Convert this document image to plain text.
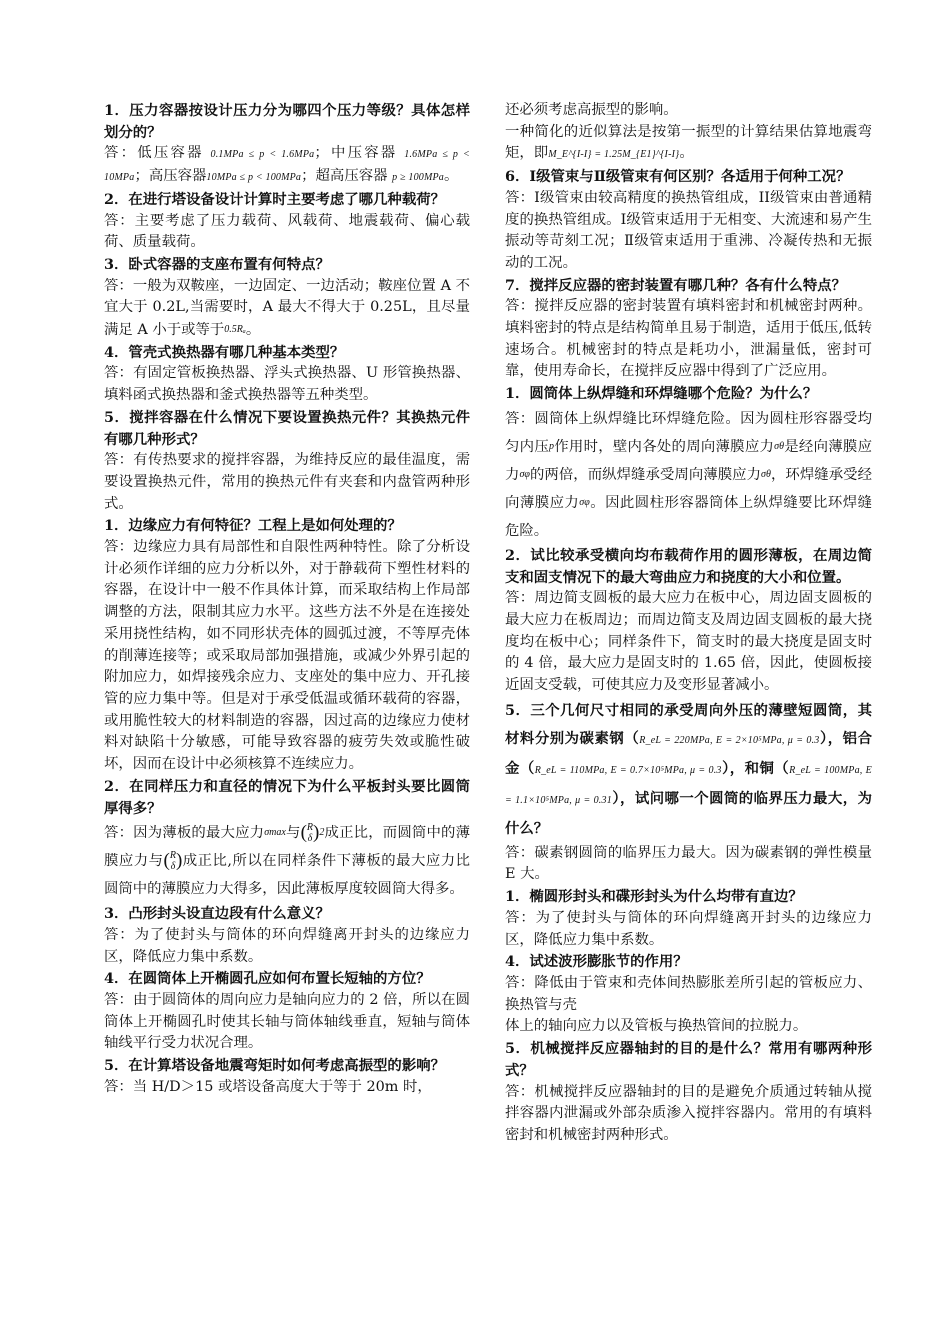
1．压力容器按设计压力分为哪四个压力等级？具体怎样划分的？
答：低压容器 0.1MPa ≤ p < 1.6MPa；中压容器 1.6MPa ≤ p < 10MPa；高压容器10MPa ≤ p < 100MPa；超高压容器 p ≥ 100MPa。
2．在进行塔设备设计计算时主要考虑了哪几种载荷？
答：主要考虑了压力载荷、风载荷、地震载荷、偏心载荷、质量载荷。
3．卧式容器的支座布置有何特点？
答：一般为双鞍座，一边固定、一边活动；鞍座位置 A 不宜大于 0.2L,当需要时，A 最大不得大于 0.25L，且尽量满足 A 小于或等于0.5Rₐ。
4．管壳式换热器有哪几种基本类型？
答：有固定管板换热器、浮头式换热器、U 形管换热器、填料函式换热器和釜式换热器等五种类型。
5．搅拌容器在什么情况下要设置换热元件？其换热元件有哪几种形式？
答：有传热要求的搅拌容器，为维持反应的最佳温度，需要设置换热元件，常用的换热元件有夹套和内盘管两种形式。
1．边缘应力有何特征？工程上是如何处理的？
答：边缘应力具有局部性和自限性两种特性。除了分析设计必须作详细的应力分析以外，对于静载荷下塑性材料的容器，在设计中一般不作具体计算，而采取结构上作局部调整的方法，限制其应力水平。这些方法不外是在连接处采用挠性结构，如不同形状壳体的圆弧过渡，不等厚壳体的削薄连接等；或采取局部加强措施，或减少外界引起的附加应力，如焊接残余应力、支座处的集中应力、开孔接管的应力集中等。但是对于承受低温或循环载荷的容器，或用脆性较大的材料制造的容器，因过高的边缘应力使材料对缺陷十分敏感，可能导致容器的疲劳失效或脆性破坏，因而在设计中必须核算不连续应力。
2．在同样压力和直径的情况下为什么平板封头要比圆筒厚得多？
答：因为薄板的最大应力σmax与( R
δ )$^2$成正比，而圆筒中的薄膜应力与( R
δ )成正比,所以在同样条件下薄板的最大应力比圆筒中的薄膜应力大得多，因此薄板厚度较圆筒大得多。
3．凸形封头设直边段有什么意义？
答：为了使封头与筒体的环向焊缝离开封头的边缘应力区，降低应力集中系数。
4．在圆筒体上开椭圆孔应如何布置长短轴的方位？
答：由于圆筒体的周向应力是轴向应力的 2 倍，所以在圆筒体上开椭圆孔时使其长轴与筒体轴线垂直，短轴与筒体轴线平行受力状况合理。
5．在计算塔设备地震弯矩时如何考虑高振型的影响？
答：当 H/D＞15 或塔设备高度大于等于 20m 时，
还必须考虑高振型的影响。
一种简化的近似算法是按第一振型的计算结果估算地震弯矩，即M_E^{I-I} = 1.25M_{E1}^{I-I}。
6．Ⅰ级管束与Ⅱ级管束有何区别？各适用于何种工况？
答：I级管束由较高精度的换热管组成，II级管束由普通精度的换热管组成。Ⅰ级管束适用于无相变、大流速和易产生振动等苛刻工况；Ⅱ级管束适用于重沸、冷凝传热和无振动的工况。
7．搅拌反应器的密封装置有哪几种？各有什么特点？
答：搅拌反应器的密封装置有填料密封和机械密封两种。填料密封的特点是结构简单且易于制造，适用于低压,低转速场合。机械密封的特点是耗功小，泄漏量低，密封可靠，使用寿命长，在搅拌反应器中得到了广泛应用。
1．圆筒体上纵焊缝和环焊缝哪个危险？为什么？
答：圆筒体上纵焊缝比环焊缝危险。因为圆柱形容器受均匀内压p作用时，壁内各处的周向薄膜应力σθ是经向薄膜应力σφ的两倍，而纵焊缝承受周向薄膜应力σθ，环焊缝承受经向薄膜应力σφ。因此圆柱形容器筒体上纵焊缝要比环焊缝危险。
2．试比较承受横向均布载荷作用的圆形薄板，在周边简支和固支情况下的最大弯曲应力和挠度的大小和位置。
答：周边简支圆板的最大应力在板中心，周边固支圆板的最大应力在板周边；而周边简支及周边固支圆板的最大挠度均在板中心；同样条件下，简支时的最大挠度是固支时的 4 倍，最大应力是固支时的 1.65 倍，因此，使圆板接近固支受载，可使其应力及变形显著减小。
5．三个几何尺寸相同的承受周向外压的薄壁短圆筒，其材料分别为碳素钢（R_eL = 220MPa, E = 2×10⁵MPa, μ = 0.3），铝合金（R_eL = 110MPa, E = 0.7×10⁵MPa, μ = 0.3），和铜（R_eL = 100MPa, E = 1.1×10⁵MPa, μ = 0.31），试问哪一个圆筒的临界压力最大，为什么？
答：碳素钢圆筒的临界压力最大。因为碳素钢的弹性模量 E 大。
1．椭圆形封头和碟形封头为什么均带有直边？
答：为了使封头与筒体的环向焊缝离开封头的边缘应力区，降低应力集中系数。
4．试述波形膨胀节的作用？
答：降低由于管束和壳体间热膨胀差所引起的管板应力、换热管与壳
体上的轴向应力以及管板与换热管间的拉脱力。
5．机械搅拌反应器轴封的目的是什么？常用有哪两种形式？
答：机械搅拌反应器轴封的目的是避免介质通过转轴从搅拌容器内泄漏或外部杂质渗入搅拌容器内。常用的有填料密封和机械密封两种形式。
